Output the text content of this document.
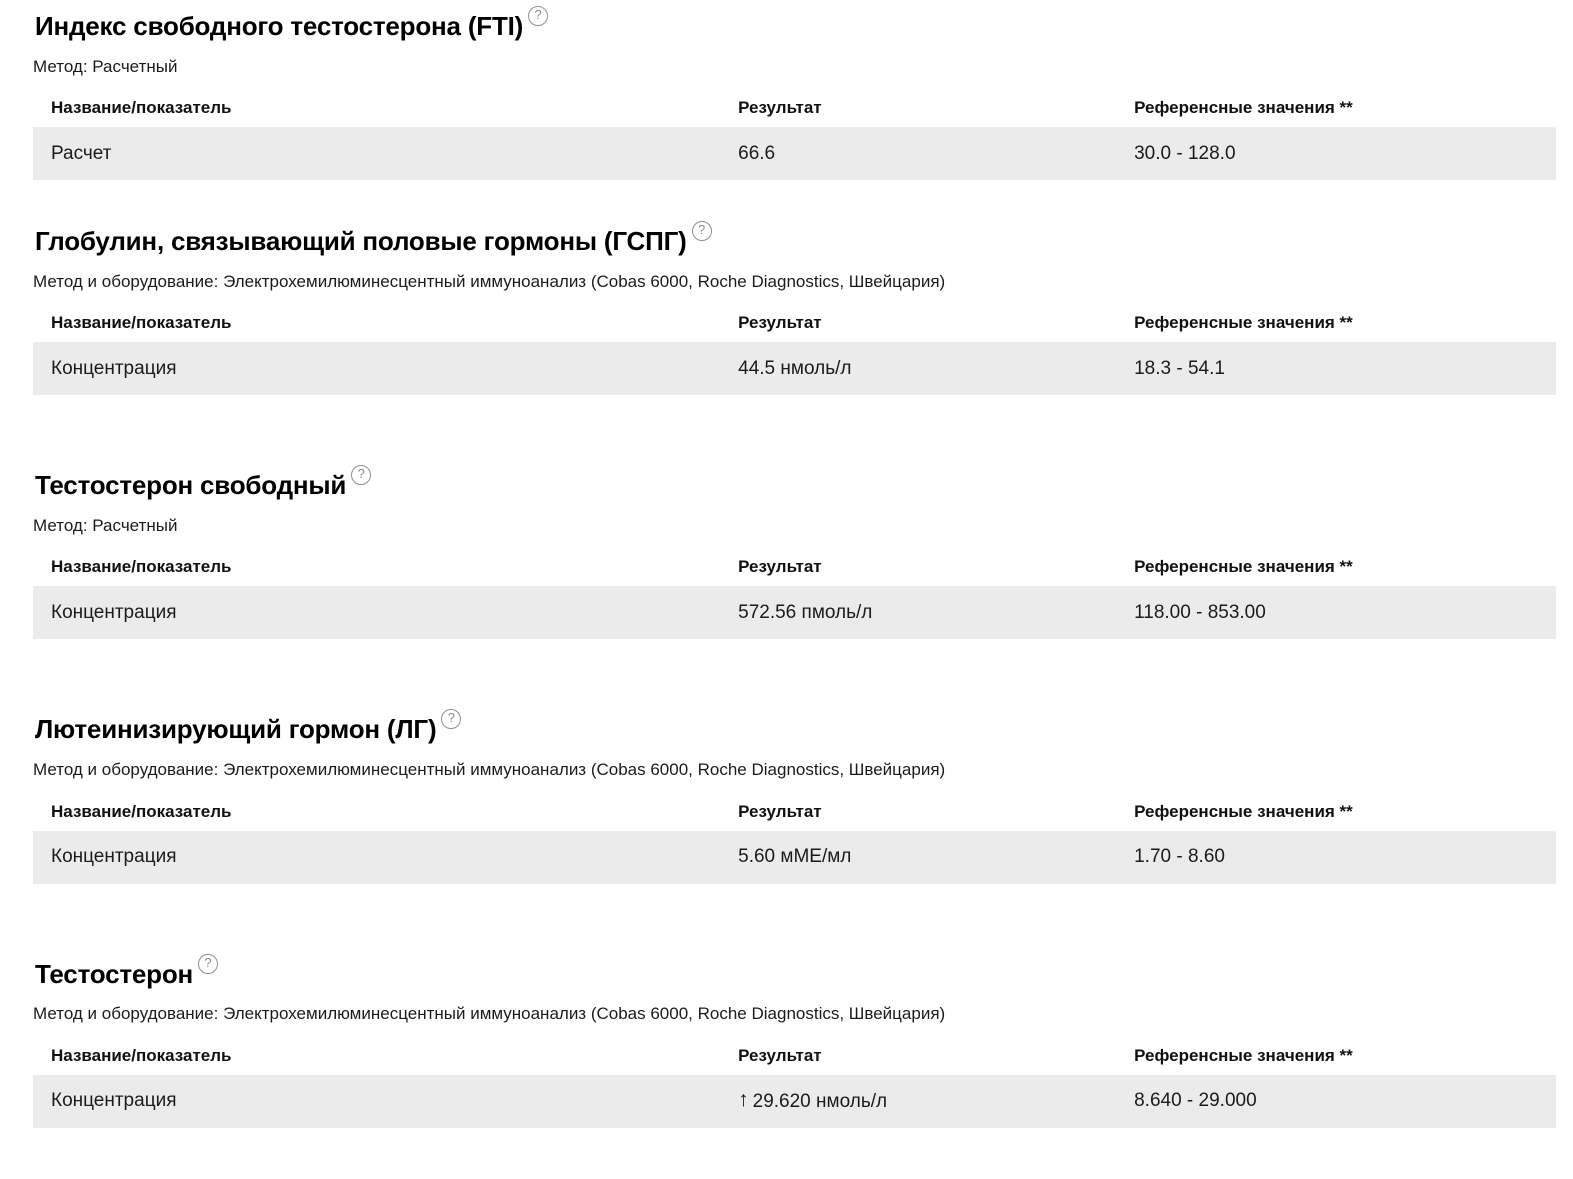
Индекс свободного тестостерона (FTI) ?
Метод: Расчетный
Название/показатель	Результат	Референсные значения **
Расчет	66.6	30.0 - 128.0
Глобулин, связывающий половые гормоны (ГСПГ) ?
Метод и оборудование: Электрохемилюминесцентный иммуноанализ (Cobas 6000, Roche Diagnostics, Швейцария)
Название/показатель	Результат	Референсные значения **
Концентрация	44.5 нмоль/л	18.3 - 54.1
Тестостерон свободный ?
Метод: Расчетный
Название/показатель	Результат	Референсные значения **
Концентрация	572.56 пмоль/л	118.00 - 853.00
Лютеинизирующий гормон (ЛГ) ?
Метод и оборудование: Электрохемилюминесцентный иммуноанализ (Cobas 6000, Roche Diagnostics, Швейцария)
Название/показатель	Результат	Референсные значения **
Концентрация	5.60 мМЕ/мл	1.70 - 8.60
Тестостерон ?
Метод и оборудование: Электрохемилюминесцентный иммуноанализ (Cobas 6000, Roche Diagnostics, Швейцария)
Название/показатель	Результат	Референсные значения **
Концентрация	↑ 29.620 нмоль/л	8.640 - 29.000
